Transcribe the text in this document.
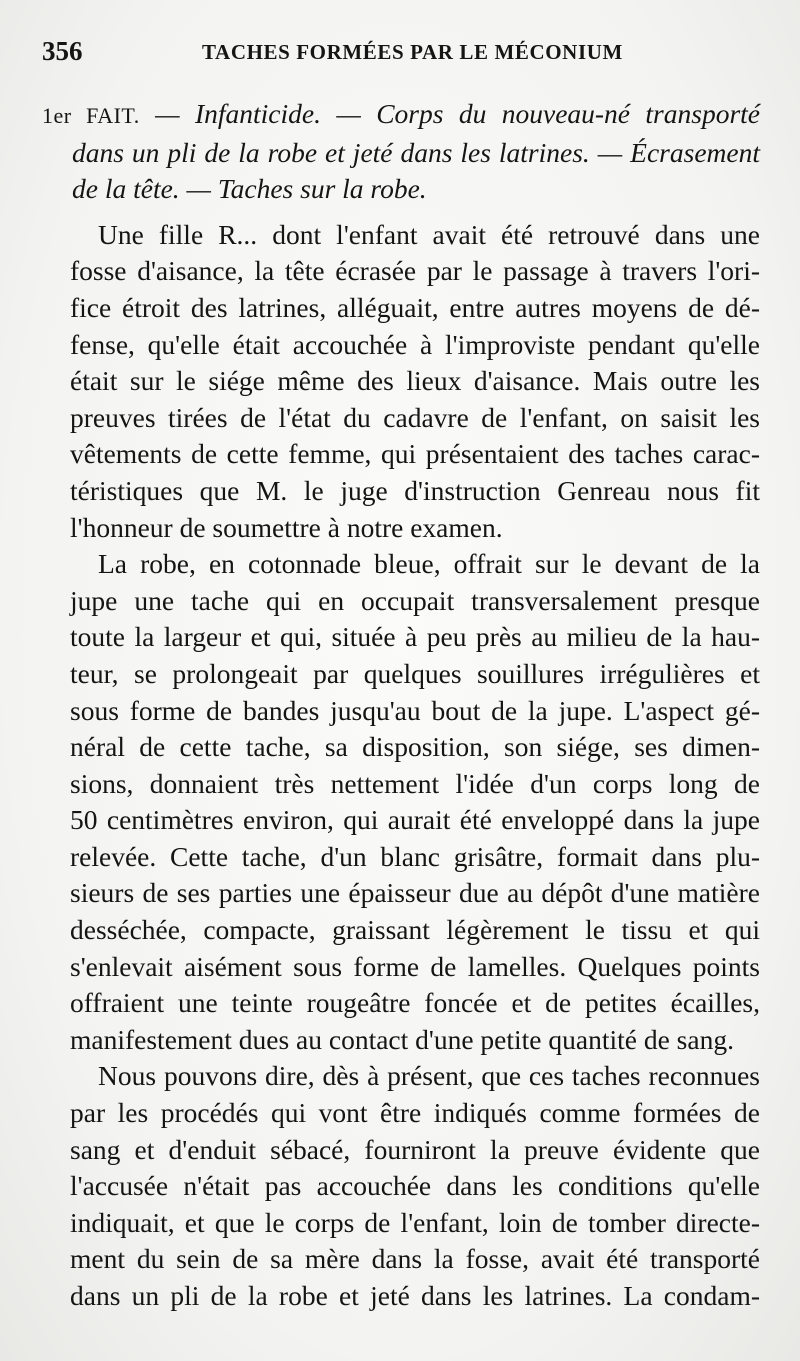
356	TACHES FORMÉES PAR LE MÉCONIUM
1er FAIT. — Infanticide. — Corps du nouveau-né transporté
dans un pli de la robe et jeté dans les latrines. — Écrasement
de la tête. — Taches sur la robe.
Une fille R... dont l'enfant avait été retrouvé dans une
fosse d'aisance, la tête écrasée par le passage à travers l'ori-
fice étroit des latrines, alléguait, entre autres moyens de dé-
fense, qu'elle était accouchée à l'improviste pendant qu'elle
était sur le siége même des lieux d'aisance. Mais outre les
preuves tirées de l'état du cadavre de l'enfant, on saisit les
vêtements de cette femme, qui présentaient des taches carac-
téristiques que M. le juge d'instruction Genreau nous fit
l'honneur de soumettre à notre examen.
La robe, en cotonnade bleue, offrait sur le devant de la
jupe une tache qui en occupait transversalement presque
toute la largeur et qui, située à peu près au milieu de la hau-
teur, se prolongeait par quelques souillures irrégulières et
sous forme de bandes jusqu'au bout de la jupe. L'aspect gé-
néral de cette tache, sa disposition, son siége, ses dimen-
sions, donnaient très nettement l'idée d'un corps long de
50 centimètres environ, qui aurait été enveloppé dans la jupe
relevée. Cette tache, d'un blanc grisâtre, formait dans plu-
sieurs de ses parties une épaisseur due au dépôt d'une matière
desséchée, compacte, graissant légèrement le tissu et qui
s'enlevait aisément sous forme de lamelles. Quelques points
offraient une teinte rougeâtre foncée et de petites écailles,
manifestement dues au contact d'une petite quantité de sang.
Nous pouvons dire, dès à présent, que ces taches reconnues
par les procédés qui vont être indiqués comme formées de
sang et d'enduit sébacé, fourniront la preuve évidente que
l'accusée n'était pas accouchée dans les conditions qu'elle
indiquait, et que le corps de l'enfant, loin de tomber directe-
ment du sein de sa mère dans la fosse, avait été transporté
dans un pli de la robe et jeté dans les latrines. La condam-
